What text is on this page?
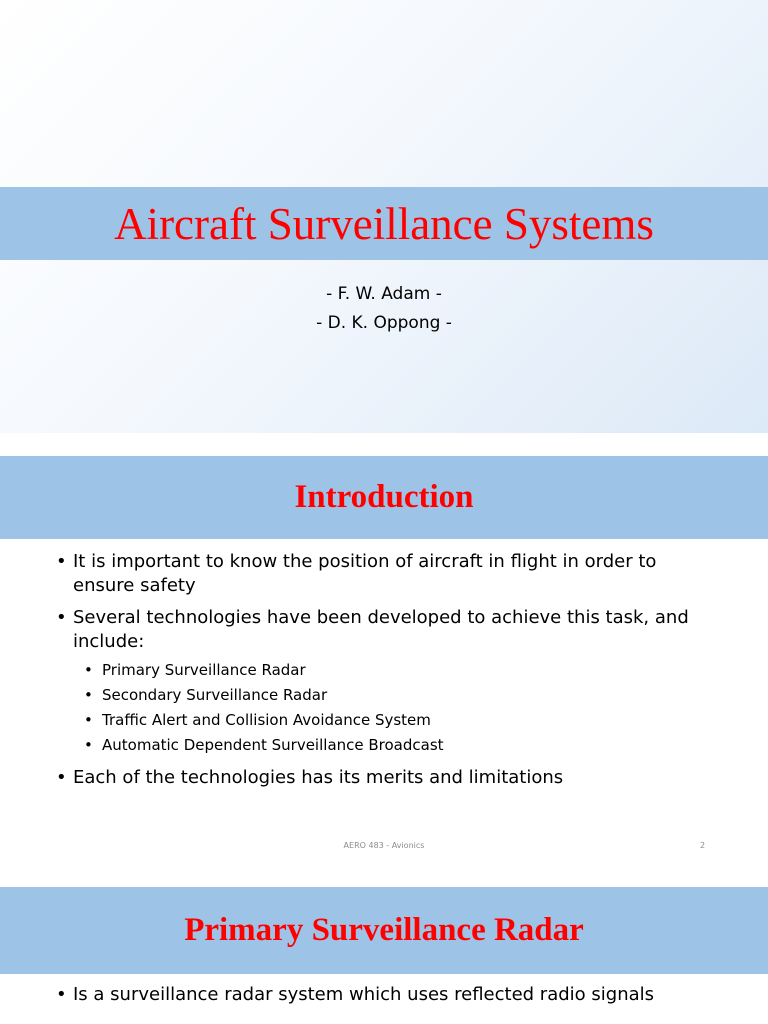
Aircraft Surveillance Systems
- F. W. Adam -
- D. K. Oppong -
Introduction
• It is important to know the position of aircraft in flight in order to ensure safety
• Several technologies have been developed to achieve this task, and include:
• Primary Surveillance Radar
• Secondary Surveillance Radar
• Traffic Alert and Collision Avoidance System
• Automatic Dependent Surveillance Broadcast
• Each of the technologies has its merits and limitations
AERO 483 - Avionics	2
Primary Surveillance Radar
• Is a surveillance radar system which uses reflected radio signals
